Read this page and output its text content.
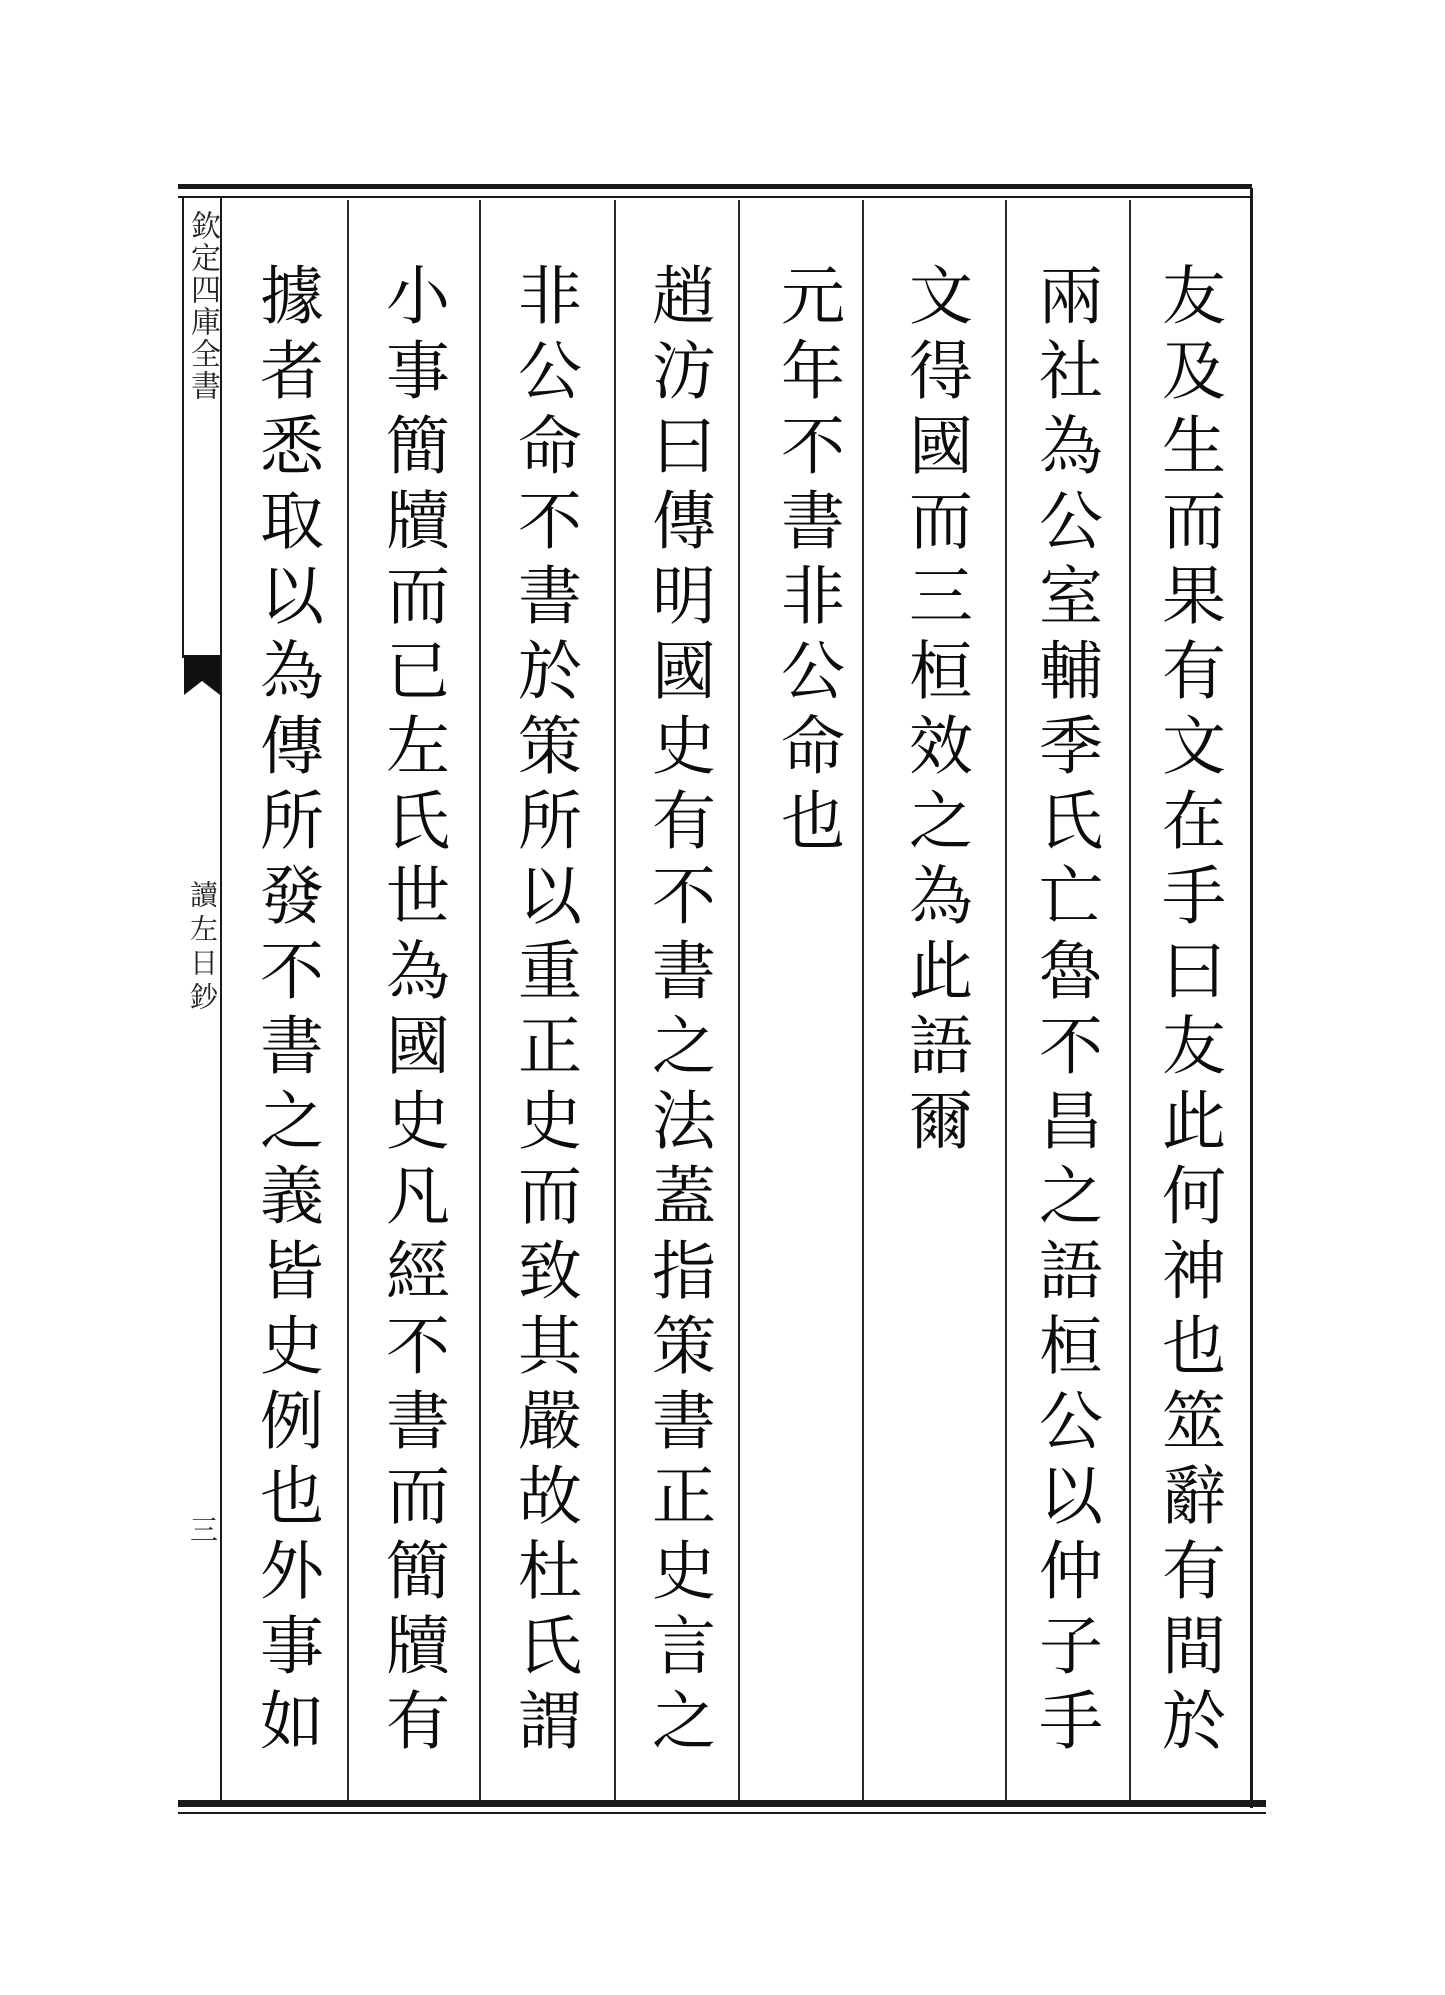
欽定四庫全書
讀左日鈔
三	友及生而果有文在手曰友此何神也筮辭有間於
兩社為公室輔季氏亡魯不昌之語桓公以仲子手
文得國而三桓效之為此語爾
元年不書非公命也
趙汸曰傳明國史有不書之法蓋指策書正史言之
非公命不書於策所以重正史而致其嚴故杜氏謂
小事簡牘而已左氏世為國史凡經不書而簡牘有
據者悉取以為傳所發不書之義皆史例也外事如
